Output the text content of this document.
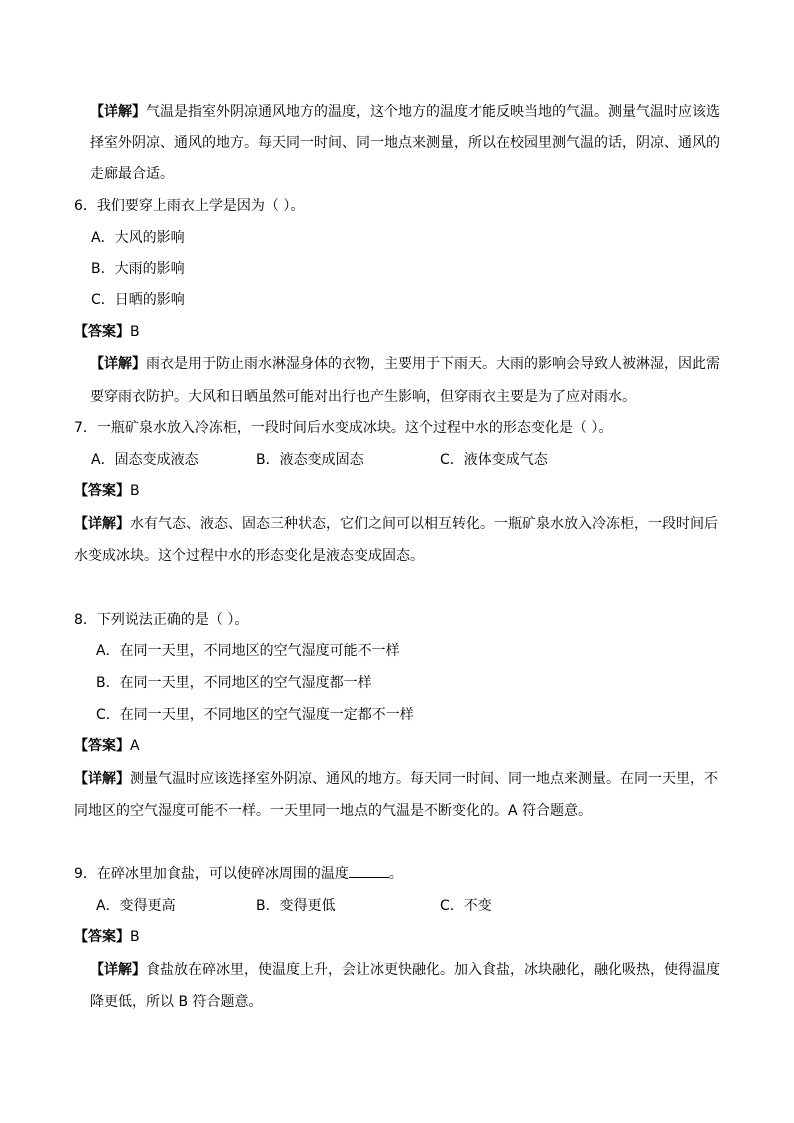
【详解】气温是指室外阴凉通风地方的温度，这个地方的温度才能反映当地的气温。测量气温时应该选
择室外阴凉、通风的地方。每天同一时间、同一地点来测量，所以在校园里测气温的话，阴凉、通风的
走廊最合适。
6．我们要穿上雨衣上学是因为（ ）。
A．大风的影响
B．大雨的影响
C．日晒的影响
【答案】B
【详解】雨衣是用于防止雨水淋湿身体的衣物，主要用于下雨天。大雨的影响会导致人被淋湿，因此需
要穿雨衣防护。大风和日晒虽然可能对出行也产生影响，但穿雨衣主要是为了应对雨水。
7．一瓶矿泉水放入冷冻柜，一段时间后水变成冰块。这个过程中水的形态变化是（ ）。
A．固态变成液态	B．液态变成固态	C．液体变成气态
【答案】B
【详解】水有气态、液态、固态三种状态，它们之间可以相互转化。一瓶矿泉水放入冷冻柜，一段时间后
水变成冰块。这个过程中水的形态变化是液态变成固态。
8．下列说法正确的是（ ）。
A．在同一天里，不同地区的空气湿度可能不一样
B．在同一天里，不同地区的空气湿度都一样
C．在同一天里，不同地区的空气湿度一定都不一样
【答案】A
【详解】测量气温时应该选择室外阴凉、通风的地方。每天同一时间、同一地点来测量。在同一天里，不
同地区的空气湿度可能不一样。一天里同一地点的气温是不断变化的。A 符合题意。
9．在碎冰里加食盐，可以使碎冰周围的温度	。
A．变得更高	B．变得更低	C．不变
【答案】B
【详解】食盐放在碎冰里，使温度上升，会让冰更快融化。加入食盐，冰块融化，融化吸热，使得温度
降更低，所以 B 符合题意。
